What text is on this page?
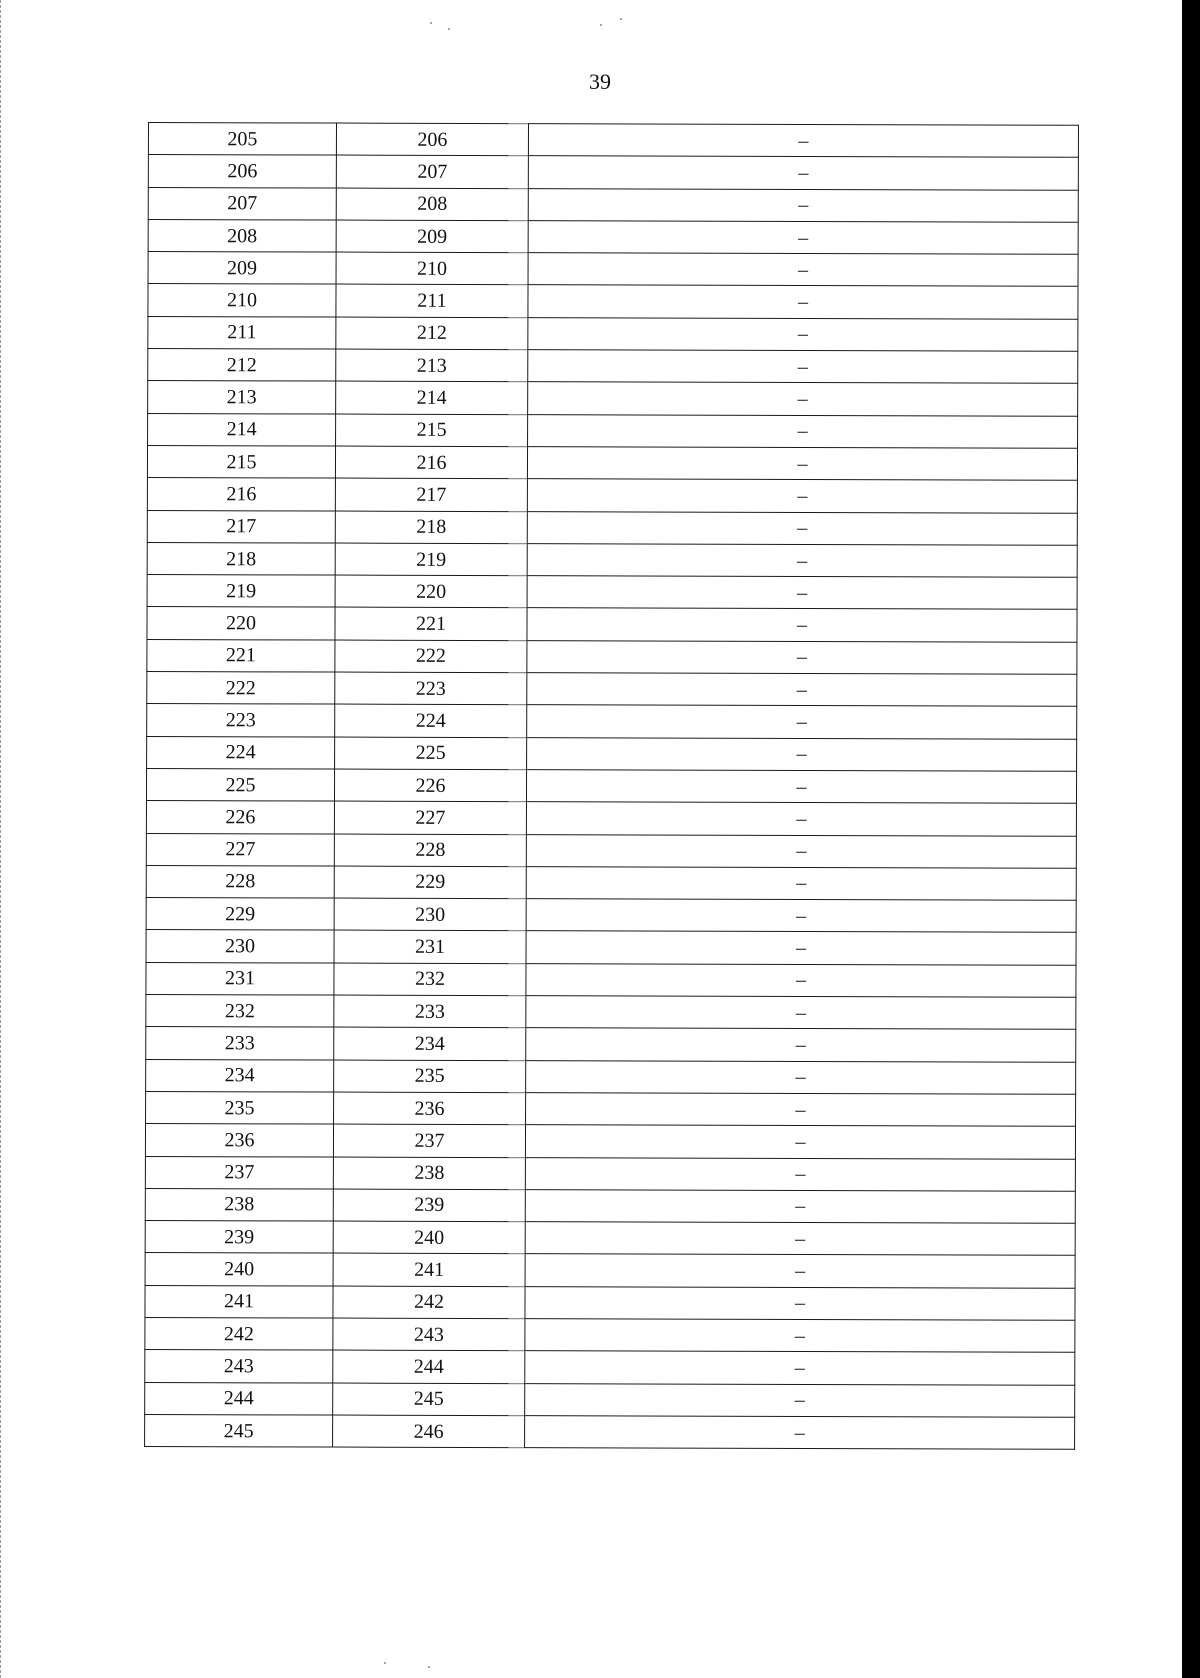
39
205	206	–
206	207	–
207	208	–
208	209	–
209	210	–
210	211	–
211	212	–
212	213	–
213	214	–
214	215	–
215	216	–
216	217	–
217	218	–
218	219	–
219	220	–
220	221	–
221	222	–
222	223	–
223	224	–
224	225	–
225	226	–
226	227	–
227	228	–
228	229	–
229	230	–
230	231	–
231	232	–
232	233	–
233	234	–
234	235	–
235	236	–
236	237	–
237	238	–
238	239	–
239	240	–
240	241	–
241	242	–
242	243	–
243	244	–
244	245	–
245	246	–
